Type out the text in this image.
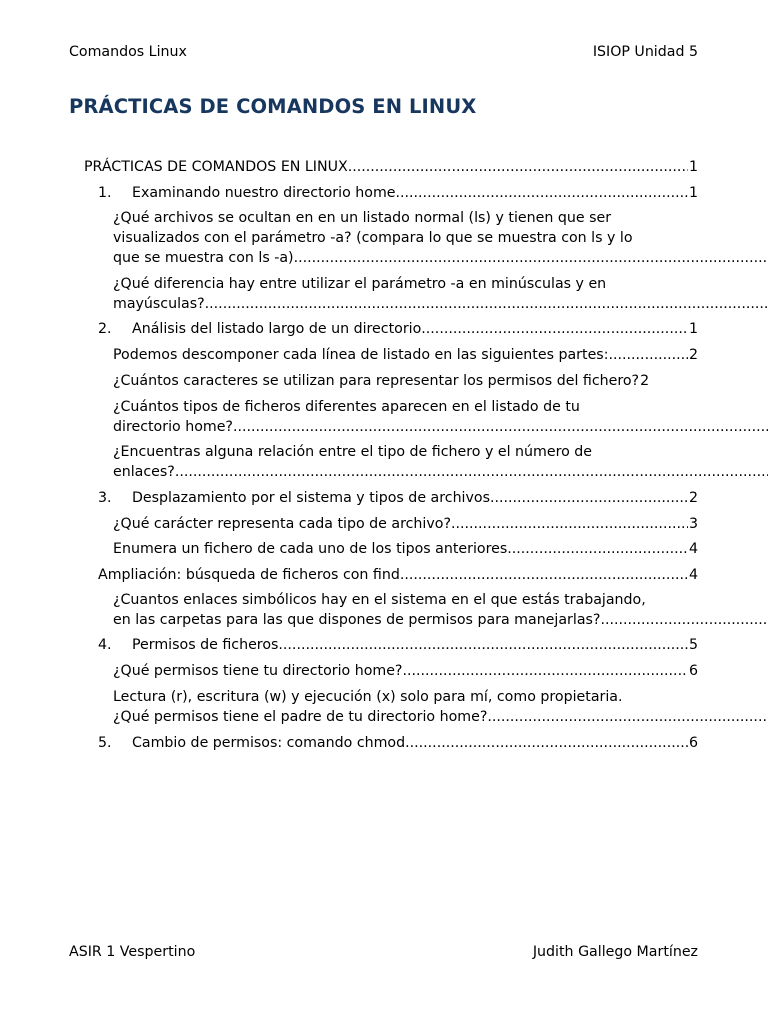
Comandos Linux	ISIOP Unidad 5
PRÁCTICAS DE COMANDOS EN LINUX
PRÁCTICAS DE COMANDOS EN LINUX .....	1
1. Examinando nuestro directorio home .....	1
¿Qué archivos se ocultan en en un listado normal (ls) y tienen que ser
visualizados con el parámetro -a? (compara lo que se muestra con ls y lo
que se muestra con ls -a)
.....
¿Qué diferencia hay entre utilizar el parámetro -a en minúsculas y en
mayúsculas?
.....
2. Análisis del listado largo de un directorio .....	1
Podemos descomponer cada línea de listado en las siguientes partes: .....	2
¿Cuántos caracteres se utilizan para representar los permisos del fichero? 2
¿Cuántos tipos de ficheros diferentes aparecen en el listado de tu
directorio home?
.....
¿Encuentras alguna relación entre el tipo de fichero y el número de
enlaces?
.....
3. Desplazamiento por el sistema y tipos de archivos .....	2
¿Qué carácter representa cada tipo de archivo? .....	3
Enumera un fichero de cada uno de los tipos anteriores .....	4
Ampliación: búsqueda de ficheros con find .....	4
¿Cuantos enlaces simbólicos hay en el sistema en el que estás trabajando,
en las carpetas para las que dispones de permisos para manejarlas?
.....
4. Permisos de ficheros .....	5
¿Qué permisos tiene tu directorio home? .....	6
Lectura (r), escritura (w) y ejecución (x) solo para mí, como propietaria.
¿Qué permisos tiene el padre de tu directorio home?
.....
5. Cambio de permisos: comando chmod .....	6
ASIR 1 Vespertino	Judith Gallego Martínez
